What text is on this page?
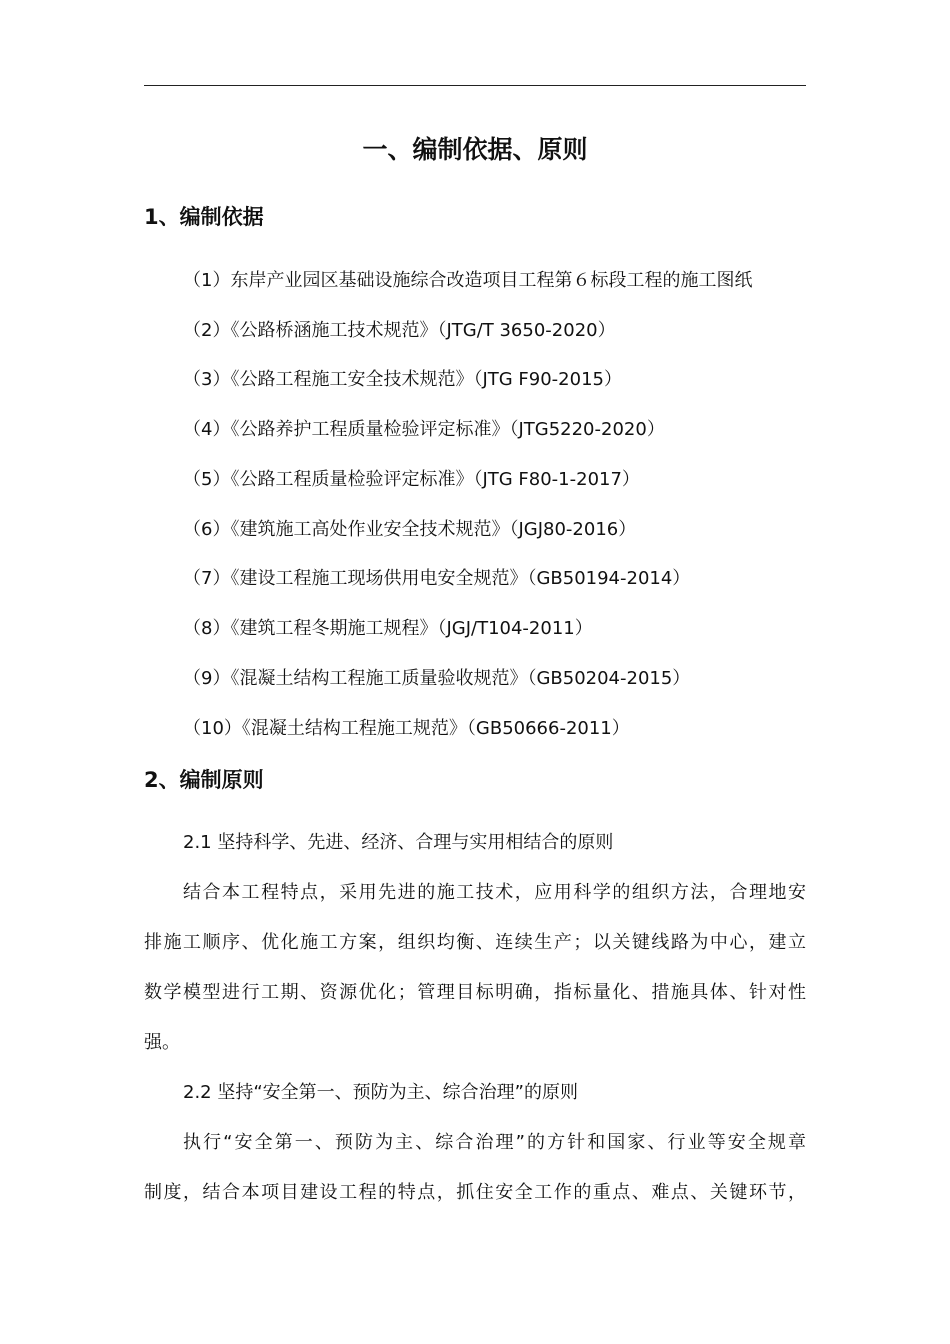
一、编制依据、原则
1、编制依据
（1）东岸产业园区基础设施综合改造项目工程第６标段工程的施工图纸
（2）《公路桥涵施工技术规范》（JTG/T 3650-2020）
（3）《公路工程施工安全技术规范》（JTG F90-2015）
（4）《公路养护工程质量检验评定标准》（JTG5220-2020）
（5）《公路工程质量检验评定标准》（JTG F80-1-2017）
（6）《建筑施工高处作业安全技术规范》（JGJ80-2016）
（7）《建设工程施工现场供用电安全规范》（GB50194-2014）
（8）《建筑工程冬期施工规程》（JGJ/T104-2011）
（9）《混凝土结构工程施工质量验收规范》（GB50204-2015）
（10）《混凝土结构工程施工规范》（GB50666-2011）
2、编制原则
2.1 坚持科学、先进、经济、合理与实用相结合的原则
结合本工程特点，采用先进的施工技术，应用科学的组织方法，合理地安
排施工顺序、优化施工方案，组织均衡、连续生产；以关键线路为中心，建立
数学模型进行工期、资源优化；管理目标明确，指标量化、措施具体、针对性
强。
2.2 坚持“安全第一、预防为主、综合治理”的原则
执行“安全第一、预防为主、综合治理”的方针和国家、行业等安全规章
制度，结合本项目建设工程的特点，抓住安全工作的重点、难点、关键环节，
